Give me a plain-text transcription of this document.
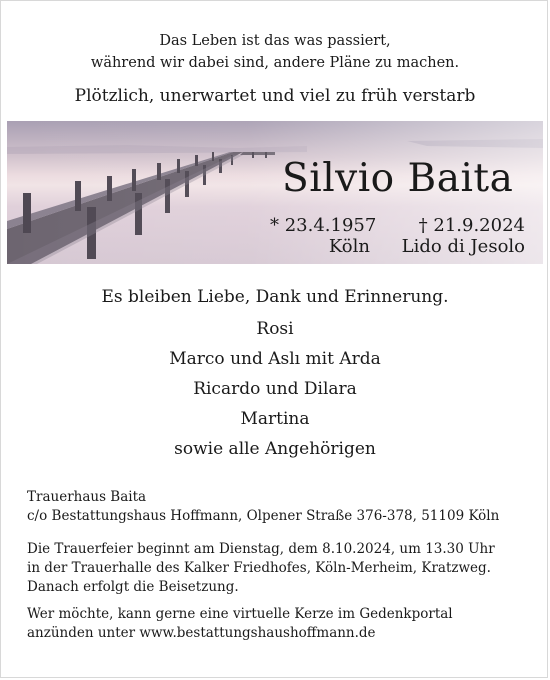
Das Leben ist das was passiert,
während wir dabei sind, andere Pläne zu machen.
Plötzlich, unerwartet und viel zu früh verstarb
Silvio Baita
* 23.4.1957
Köln
† 21.9.2024
Lido di Jesolo
Es bleiben Liebe, Dank und Erinnerung.
Rosi
Marco und Aslı mit Arda
Ricardo und Dilara
Martina
sowie alle Angehörigen

Trauerhaus Baita
c/o Bestattungshaus Hoffmann, Olpener Straße 376-378, 51109 Köln

Die Trauerfeier beginnt am Dienstag, dem 8.10.2024, um 13.30 Uhr
in der Trauerhalle des Kalker Friedhofes, Köln-Merheim, Kratzweg.
Danach erfolgt die Beisetzung.

Wer möchte, kann gerne eine virtuelle Kerze im Gedenkportal
anzünden unter www.bestattungshaushoffmann.de
